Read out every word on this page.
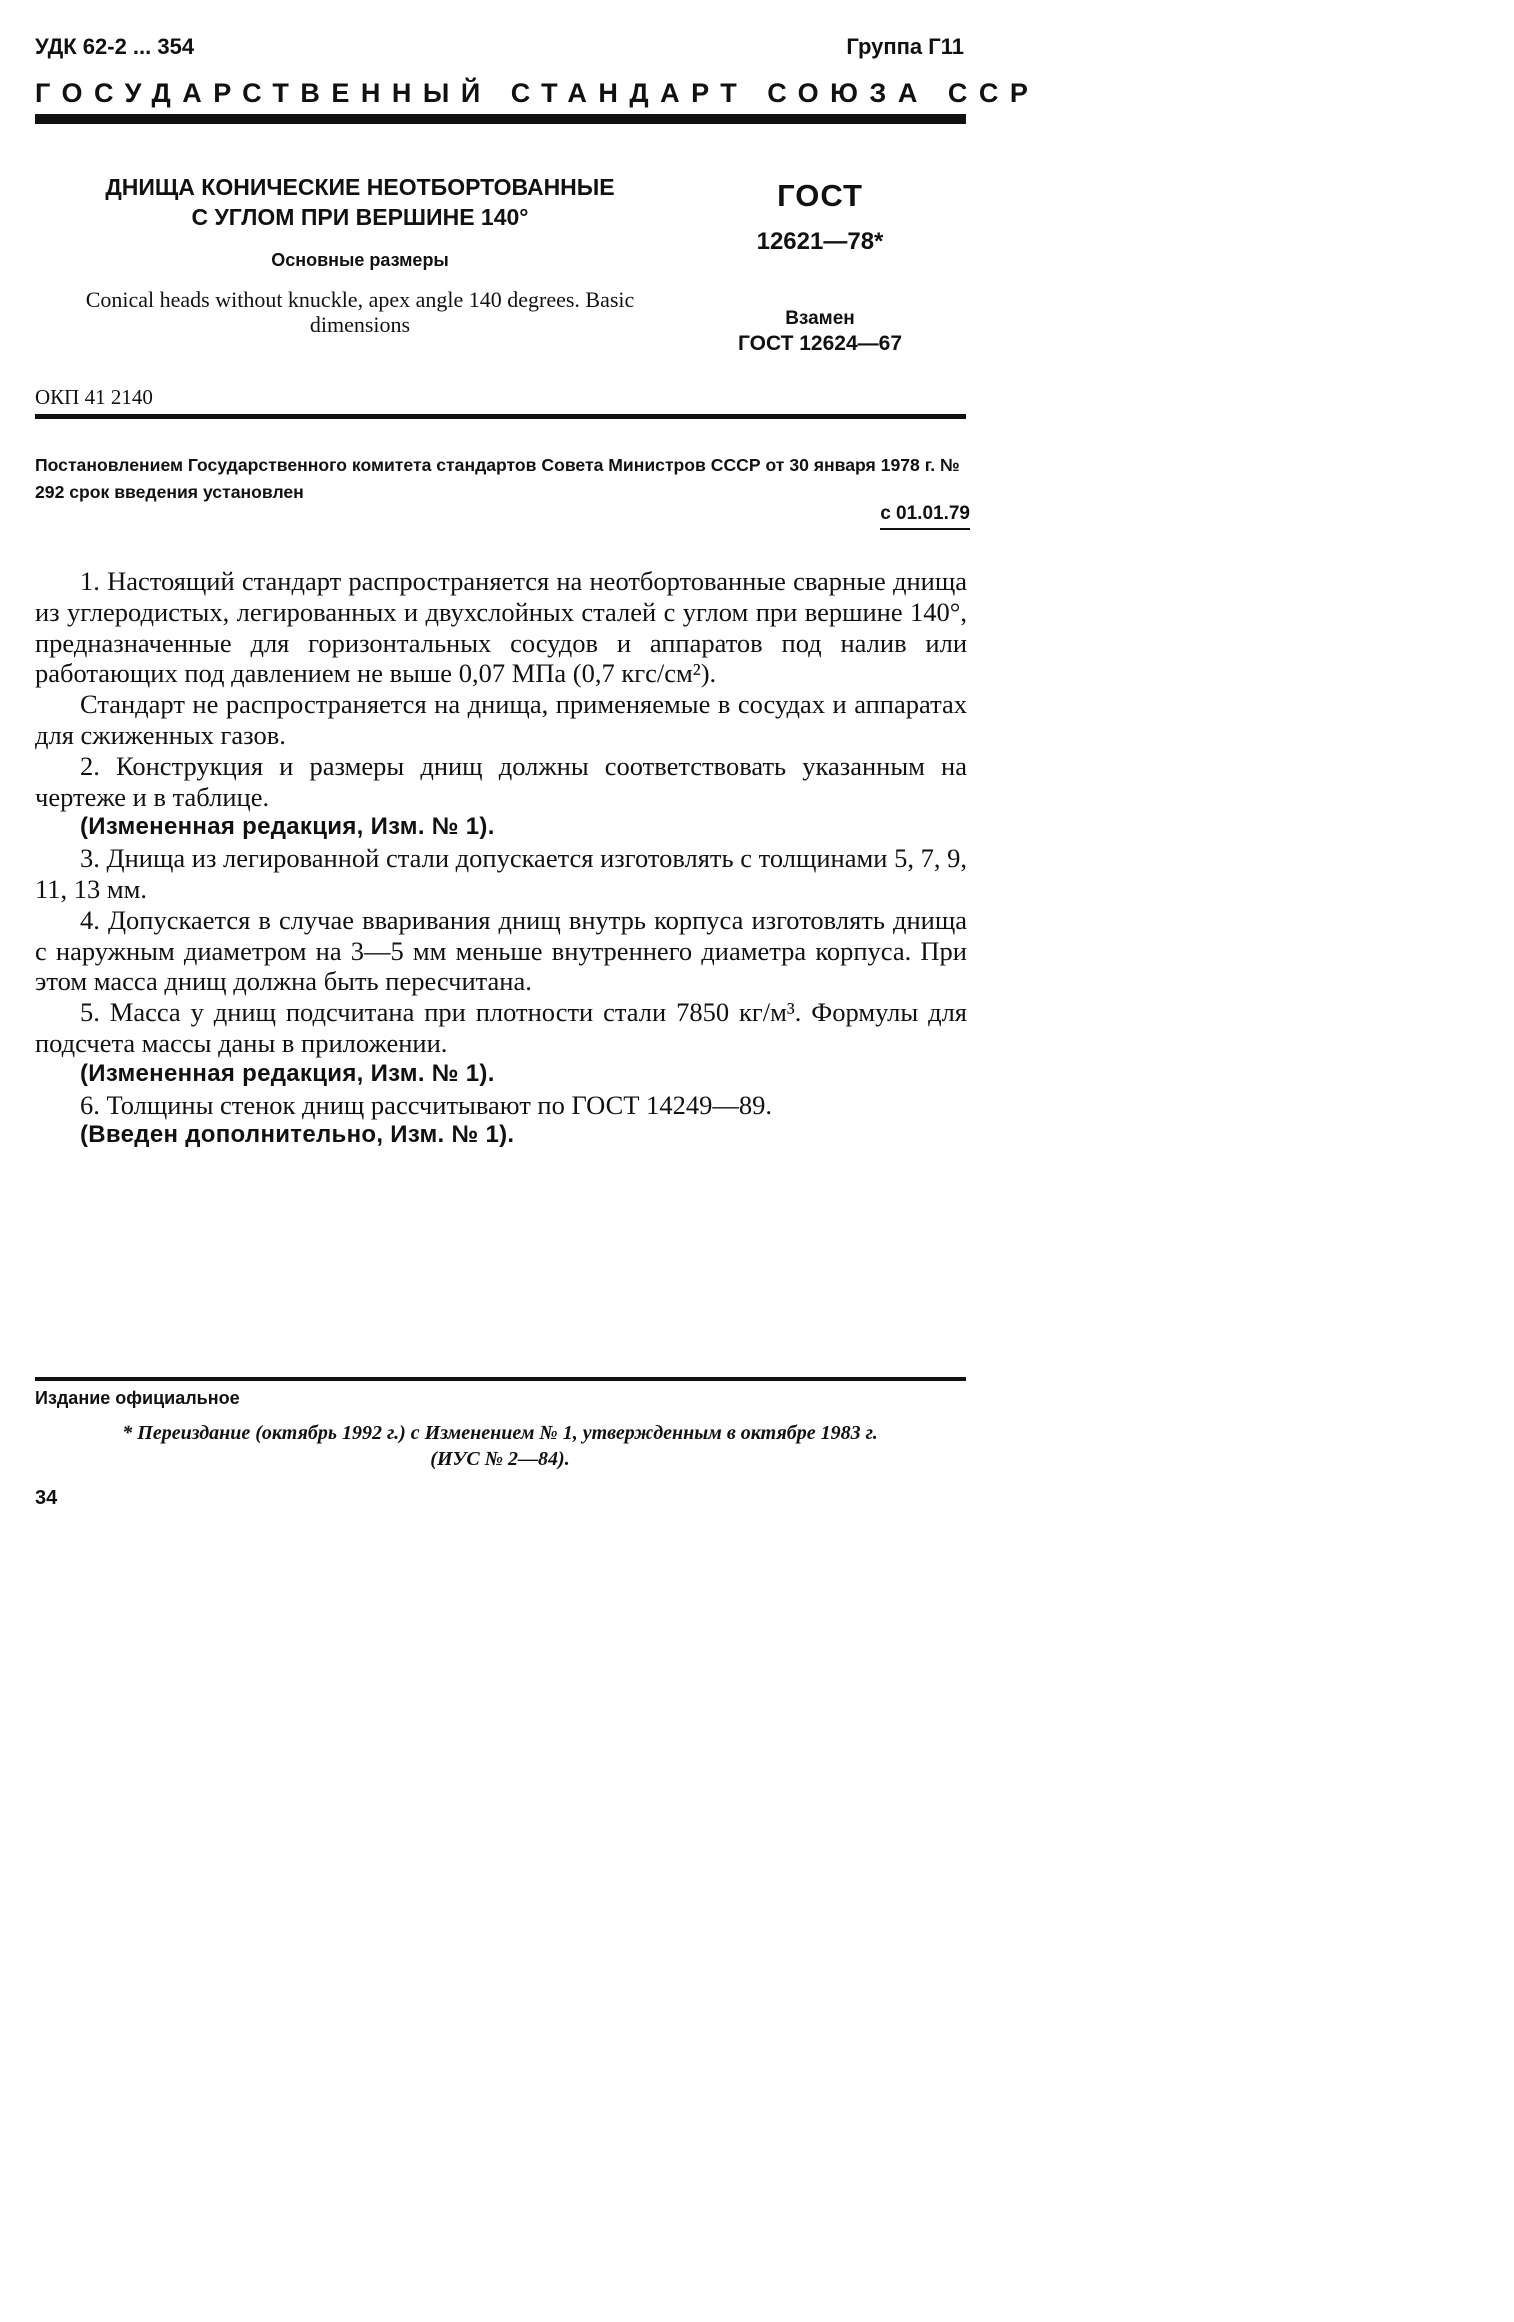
УДК 62-2 ... 354	Группа Г11
ГОСУДАРСТВЕННЫЙ СТАНДАРТ СОЮЗА ССР
ДНИЩА КОНИЧЕСКИЕ НЕОТБОРТОВАННЫЕ
С УГЛОМ ПРИ ВЕРШИНЕ 140°
Основные размеры
Conical heads without knuckle, apex angle 140 degrees. Basic dimensions
ГОСТ
12621—78*
Взамен
ГОСТ 12624—67
ОКП 41 2140
Постановлением Государственного комитета стандартов Совета Министров СССР от 30 января 1978 г. № 292 срок введения установлен
с 01.01.79

1. Настоящий стандарт распространяется на неотбортованные сварные днища из углеродистых, легированных и двухслойных сталей с углом при вершине 140°, предназначенные для горизонтальных сосудов и аппаратов под налив или работающих под давлением не выше 0,07 МПа (0,7 кгс/см²).

Стандарт не распространяется на днища, применяемые в сосудах и аппаратах для сжиженных газов.

2. Конструкция и размеры днищ должны соответствовать указанным на чертеже и в таблице.

(Измененная редакция, Изм. № 1).

3. Днища из легированной стали допускается изготовлять с толщинами 5, 7, 9, 11, 13 мм.

4. Допускается в случае вваривания днищ внутрь корпуса изготовлять днища с наружным диаметром на 3—5 мм меньше внутреннего диаметра корпуса. При этом масса днищ должна быть пересчитана.

5. Масса у днищ подсчитана при плотности стали 7850 кг/м³. Формулы для подсчета массы даны в приложении.

(Измененная редакция, Изм. № 1).

6. Толщины стенок днищ рассчитывают по ГОСТ 14249—89.

(Введен дополнительно, Изм. № 1).

Издание официальное
* Переиздание (октябрь 1992 г.) с Изменением № 1, утвержденным в октябре 1983 г. (ИУС № 2—84).
34
